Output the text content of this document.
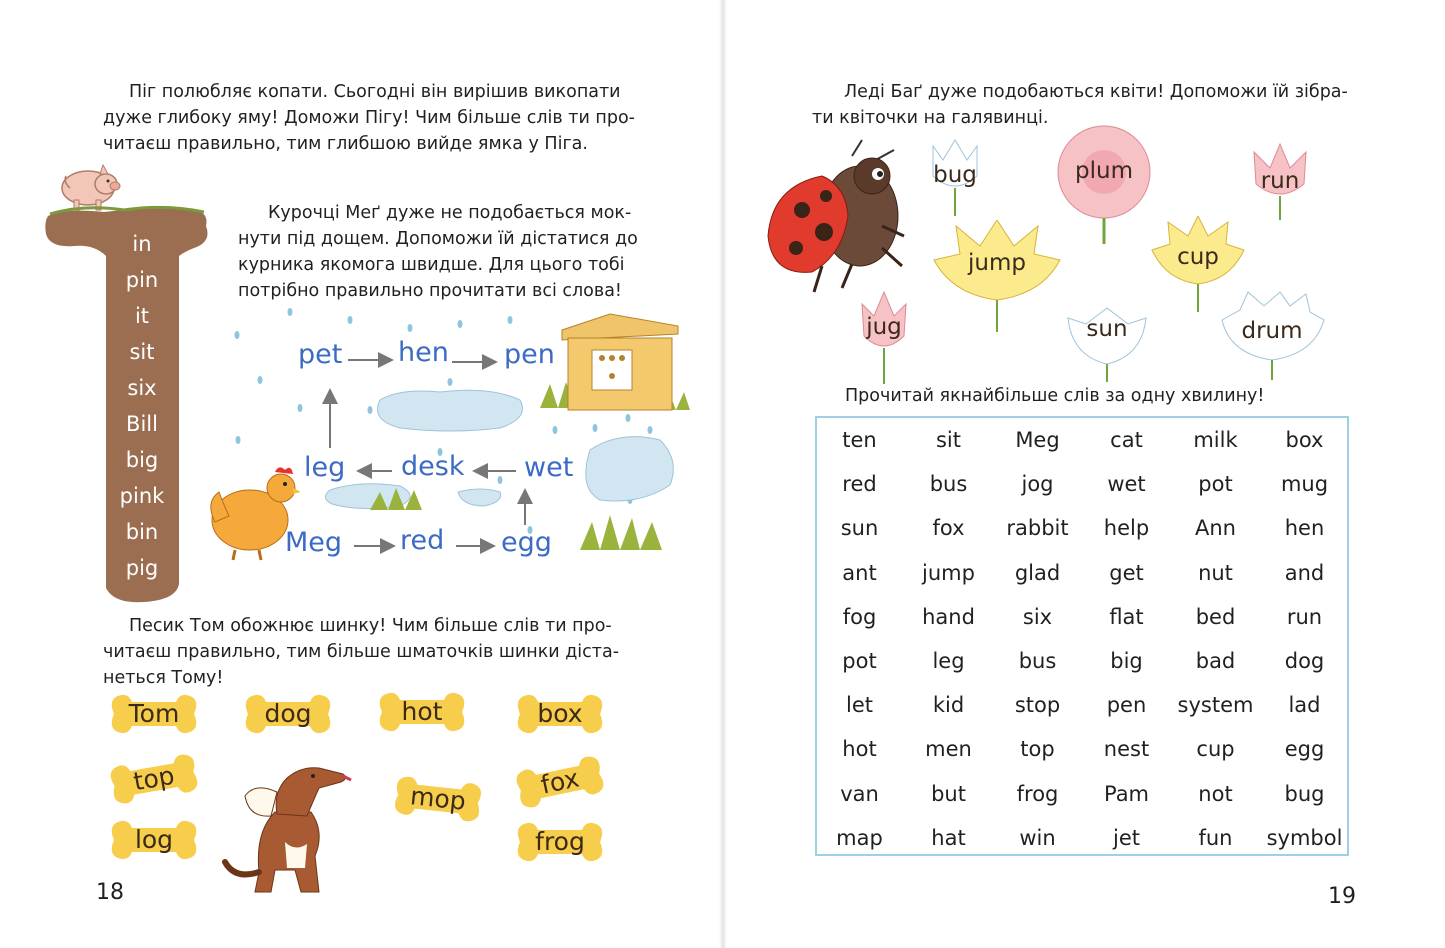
Піг полюбляє копати. Сьогодні він вирішив викопати
дуже глибоку яму! Доможи Пігу! Чим більше слів ти про-
читаєш правильно, тим глибшою вийде ямка у Піга.
in
pin
it
sit
six
Bill
big
pink
bin
pig
Курочці Меґ дуже не подобається мок-
нути під дощем. Допоможи їй дістатися до
курника якомога швидше. Для цього тобі
потрібно правильно прочитати всі слова!
pet hen pen
leg desk wet
Meg red egg
Песик Том обожнює шинку! Чим більше слів ти про-
читаєш правильно, тим більше шматочків шинки діста-
неться Тому!
Tom	dog	hot	box
top
mop	fox
log	frog
18
Леді Баґ дуже подобаються квіти! Допоможи їй зібра-
ти квіточки на галявинці.
bug	plum	run
jump	cup
jug	sun	drum
Прочитай якнайбільше слів за одну хвилину!
ten	sit	Meg	cat	milk	box
red	bus	jog	wet	pot	mug
sun	fox	rabbit	help	Ann	hen
ant	jump	glad	get	nut	and
fog	hand	six	flat	bed	run
pot	leg	bus	big	bad	dog
let	kid	stop	pen	system	lad
hot	men	top	nest	cup	egg
van	but	frog	Pam	not	bug
map	hat	win	jet	fun	symbol
19
